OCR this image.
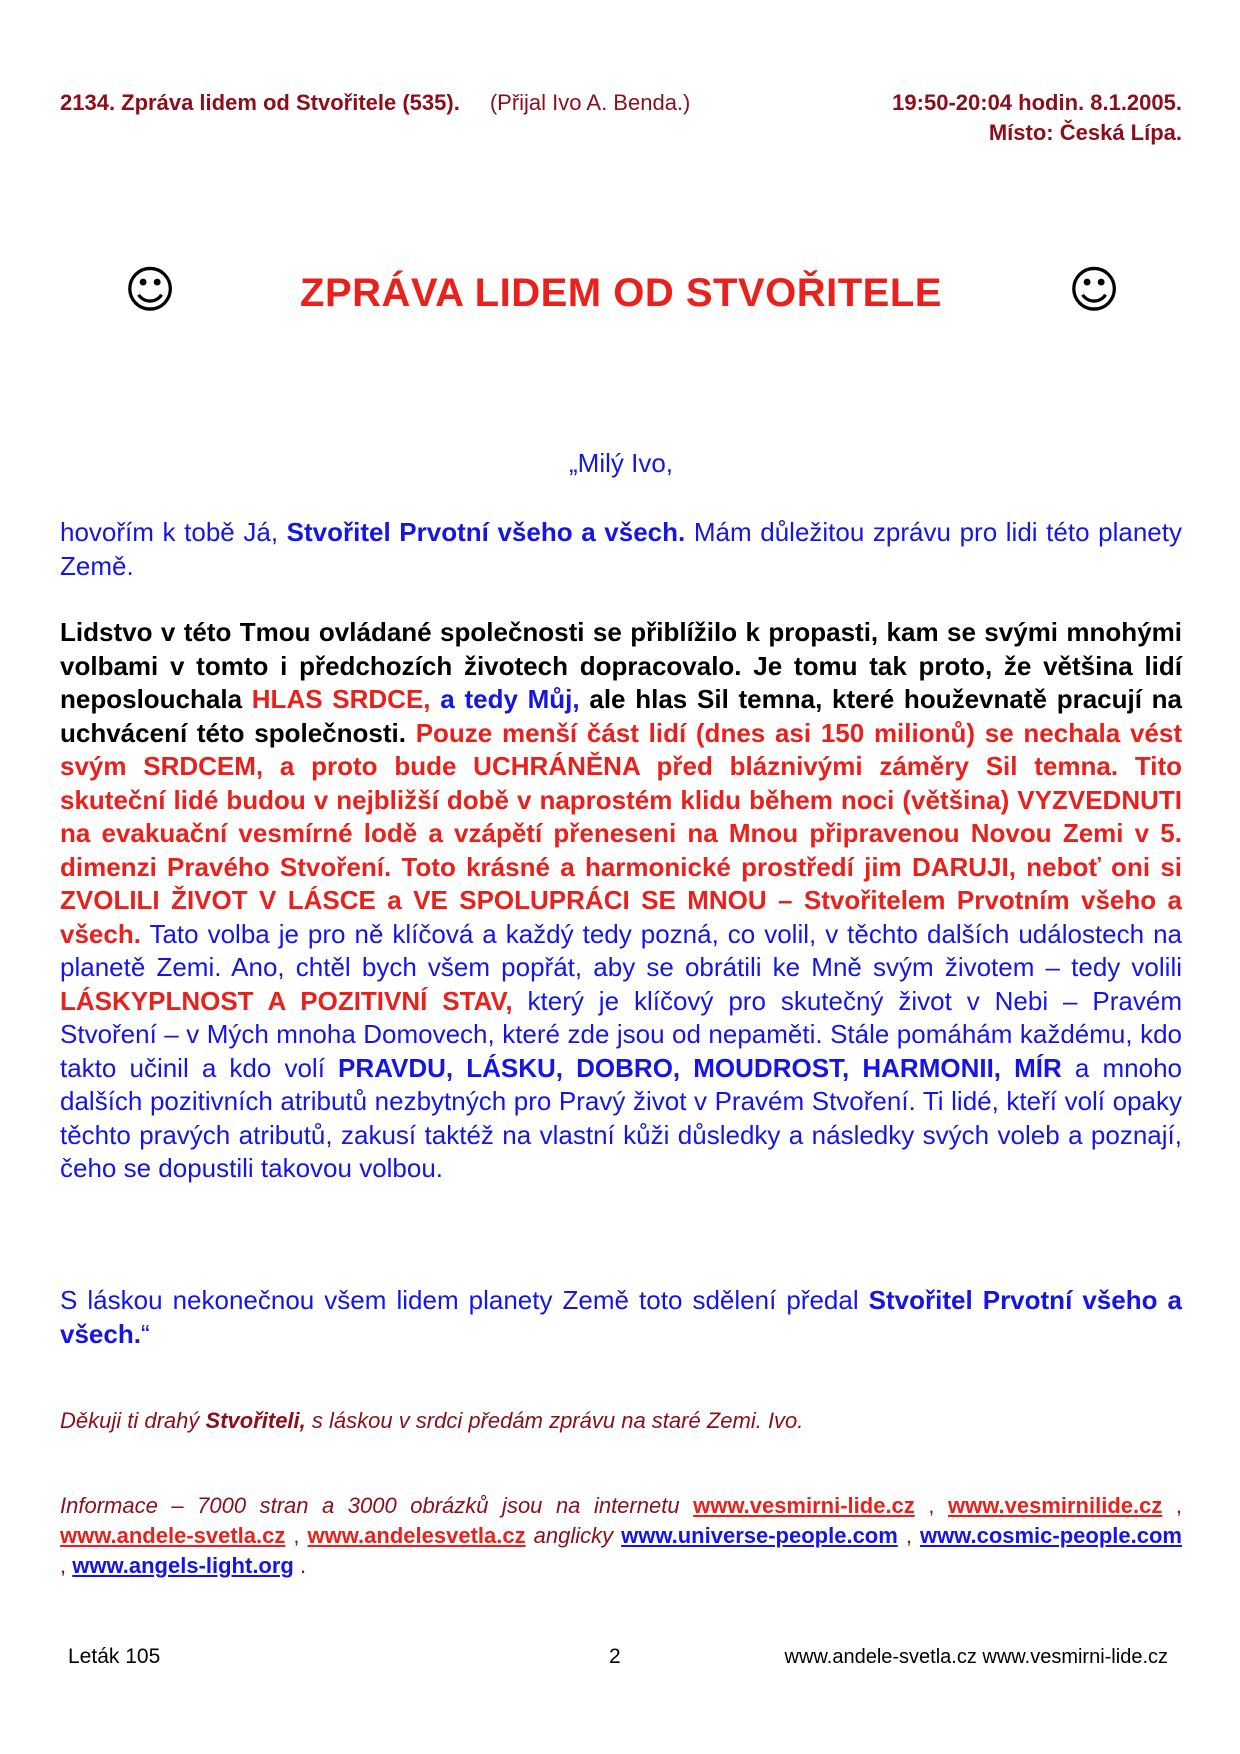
2134. Zpráva lidem od Stvořitele (535). (Přijal Ivo A. Benda.)	19:50-20:04 hodin. 8.1.2005.
Místo: Česká Lípa.
☺	ZPRÁVA LIDEM OD STVOŘITELE	☺
„Milý Ivo,
hovořím k tobě Já, Stvořitel Prvotní všeho a všech. Mám důležitou zprávu pro lidi této planety Země.
Lidstvo v této Tmou ovládané společnosti se přiblížilo k propasti, kam se svými mnohými volbami v tomto i předchozích životech dopracovalo. Je tomu tak proto, že většina lidí neposlouchala HLAS SRDCE, a tedy Můj, ale hlas Sil temna, které houževnatě pracují na uchvácení této společnosti. Pouze menší část lidí (dnes asi 150 milionů) se nechala vést svým SRDCEM, a proto bude UCHRÁNĚNA před bláznivými záměry Sil temna. Tito skuteční lidé budou v nejbližší době v naprostém klidu během noci (většina) VYZVEDNUTI na evakuační vesmírné lodě a vzápětí přeneseni na Mnou připravenou Novou Zemi v 5. dimenzi Pravého Stvoření. Toto krásné a harmonické prostředí jim DARUJI, neboť oni si ZVOLILI ŽIVOT V LÁSCE a VE SPOLUPRÁCI SE MNOU – Stvořitelem Prvotním všeho a všech. Tato volba je pro ně klíčová a každý tedy pozná, co volil, v těchto dalších událostech na planetě Zemi. Ano, chtěl bych všem popřát, aby se obrátili ke Mně svým životem – tedy volili LÁSKYPLNOST A POZITIVNÍ STAV, který je klíčový pro skutečný život v Nebi – Pravém Stvoření – v Mých mnoha Domovech, které zde jsou od nepaměti. Stále pomáhám každému, kdo takto učinil a kdo volí PRAVDU, LÁSKU, DOBRO, MOUDROST, HARMONII, MÍR a mnoho dalších pozitivních atributů nezbytných pro Pravý život v Pravém Stvoření. Ti lidé, kteří volí opaky těchto pravých atributů, zakusí taktéž na vlastní kůži důsledky a následky svých voleb a poznají, čeho se dopustili takovou volbou.
S láskou nekonečnou všem lidem planety Země toto sdělení předal Stvořitel Prvotní všeho a všech.“
Děkuji ti drahý Stvořiteli, s láskou v srdci předám zprávu na staré Zemi. Ivo.
Informace – 7000 stran a 3000 obrázků jsou na internetu www.vesmirni-lide.cz , www.vesmirnilide.cz , www.andele-svetla.cz , www.andelesvetla.cz anglicky www.universe-people.com , www.cosmic-people.com , www.angels-light.org .
Leták 105	2	www.andele-svetla.cz www.vesmirni-lide.cz
